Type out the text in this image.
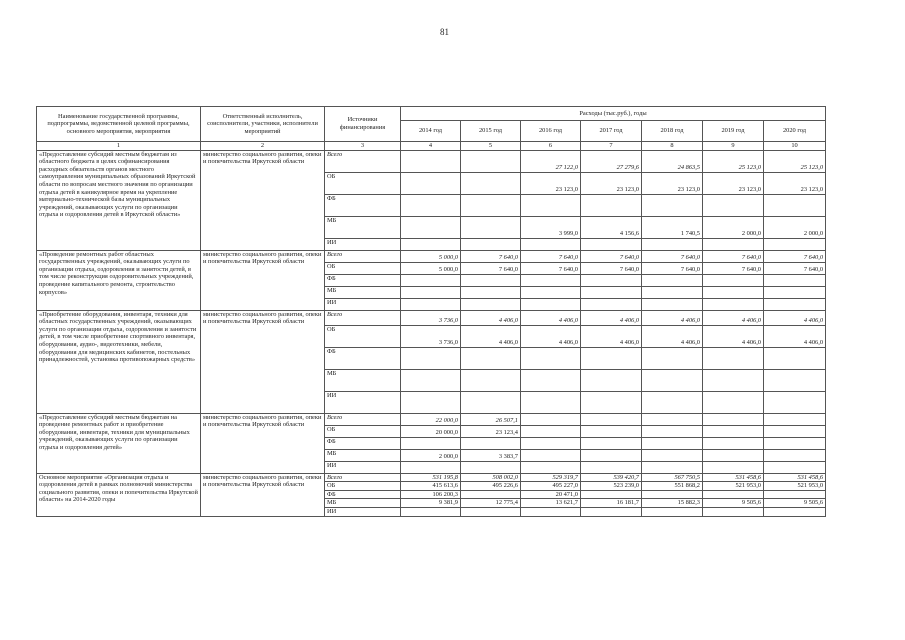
81
Наименование государственной программы, подпрограммы, ведомственной целевой программы, основного мероприятия, мероприятия	Ответственный исполнитель, соисполнители, участники, исполнители мероприятий	Источники финансирования	Расходы (тыс.руб.), годы						
			2014 год	2015 год	2016 год	2017 год	2018 год	2019 год	2020 год
1	2	3	4	5	6	7	8	9	10
«Предоставление субсидий местным бюджетам из областного бюджета в целях софинансирования расходных обязательств органов местного самоуправления муниципальных образований Иркутской области по вопросам местного значения по организации отдыха детей в каникулярное время на укрепление материально-технической базы муниципальных учреждений, оказывающих услуги по организации отдыха и оздоровления детей в Иркутской области»	министерство социального развития, опеки и попечительства Иркутской области	Всего			27 122,0	27 279,6	24 863,5	25 123,0	25 123,0
		ОБ			23 123,0	23 123,0	23 123,0	23 123,0	23 123,0
		ФБ							
		МБ			3 999,0	4 156,6	1 740,5	2 000,0	2 000,0
		ИИ							
«Проведение ремонтных работ областных государственных учреждений, оказывающих услуги по организации отдыха, оздоровления и занятости детей, в том числе реконструкция оздоровительных учреждений, проведение капитального ремонта, строительство корпусов»	министерство социального развития, опеки и попечительства Иркутской области	Всего	5 000,0	7 640,0	7 640,0	7 640,0	7 640,0	7 640,0	7 640,0
		ОБ	5 000,0	7 640,0	7 640,0	7 640,0	7 640,0	7 640,0	7 640,0
		ФБ							
		МБ							
		ИИ							
«Приобретение оборудования, инвентаря, техники для областных государственных учреждений, оказывающих услуги по организации отдыха, оздоровления и занятости детей, в том числе приобретение спортивного инвентаря, оборудования, аудио-, видеотехники, мебели, оборудования для медицинских кабинетов, постельных принадлежностей, установка противопожарных средств»	министерство социального развития, опеки и попечительства Иркутской области	Всего	3 736,0	4 406,0	4 406,0	4 406,0	4 406,0	4 406,0	4 406,0
		ОБ	3 736,0	4 406,0	4 406,0	4 406,0	4 406,0	4 406,0	4 406,0
		ФБ							
		МБ							
		ИИ							
«Предоставление субсидий местным бюджетам на проведение ремонтных работ и приобретение оборудования, инвентаря, техники для муниципальных учреждений, оказывающих услуги по организации отдыха и оздоровления детей»	министерство социального развития, опеки и попечительства Иркутской области	Всего	22 000,0	26 507,1					
		ОБ	20 000,0	23 123,4					
		ФБ							
		МБ	2 000,0	3 383,7					
		ИИ							
Основное мероприятие «Организация отдыха и оздоровления детей в рамках полномочий министерства социального развития, опеки и попечительства Иркутской области» на 2014-2020 годы	министерство социального развития, опеки и попечительства Иркутской области	Всего	531 195,8	508 002,0	529 319,7	539 420,7	567 750,5	531 458,6	531 458,6
		ОБ	415 613,6	495 226,6	495 227,0	523 239,0	551 868,2	521 953,0	521 953,0
		ФБ	106 200,3		20 471,0				
		МБ	9 381,9	12 775,4	13 621,7	16 181,7	15 882,3	9 505,6	9 505,6
		ИИ							
